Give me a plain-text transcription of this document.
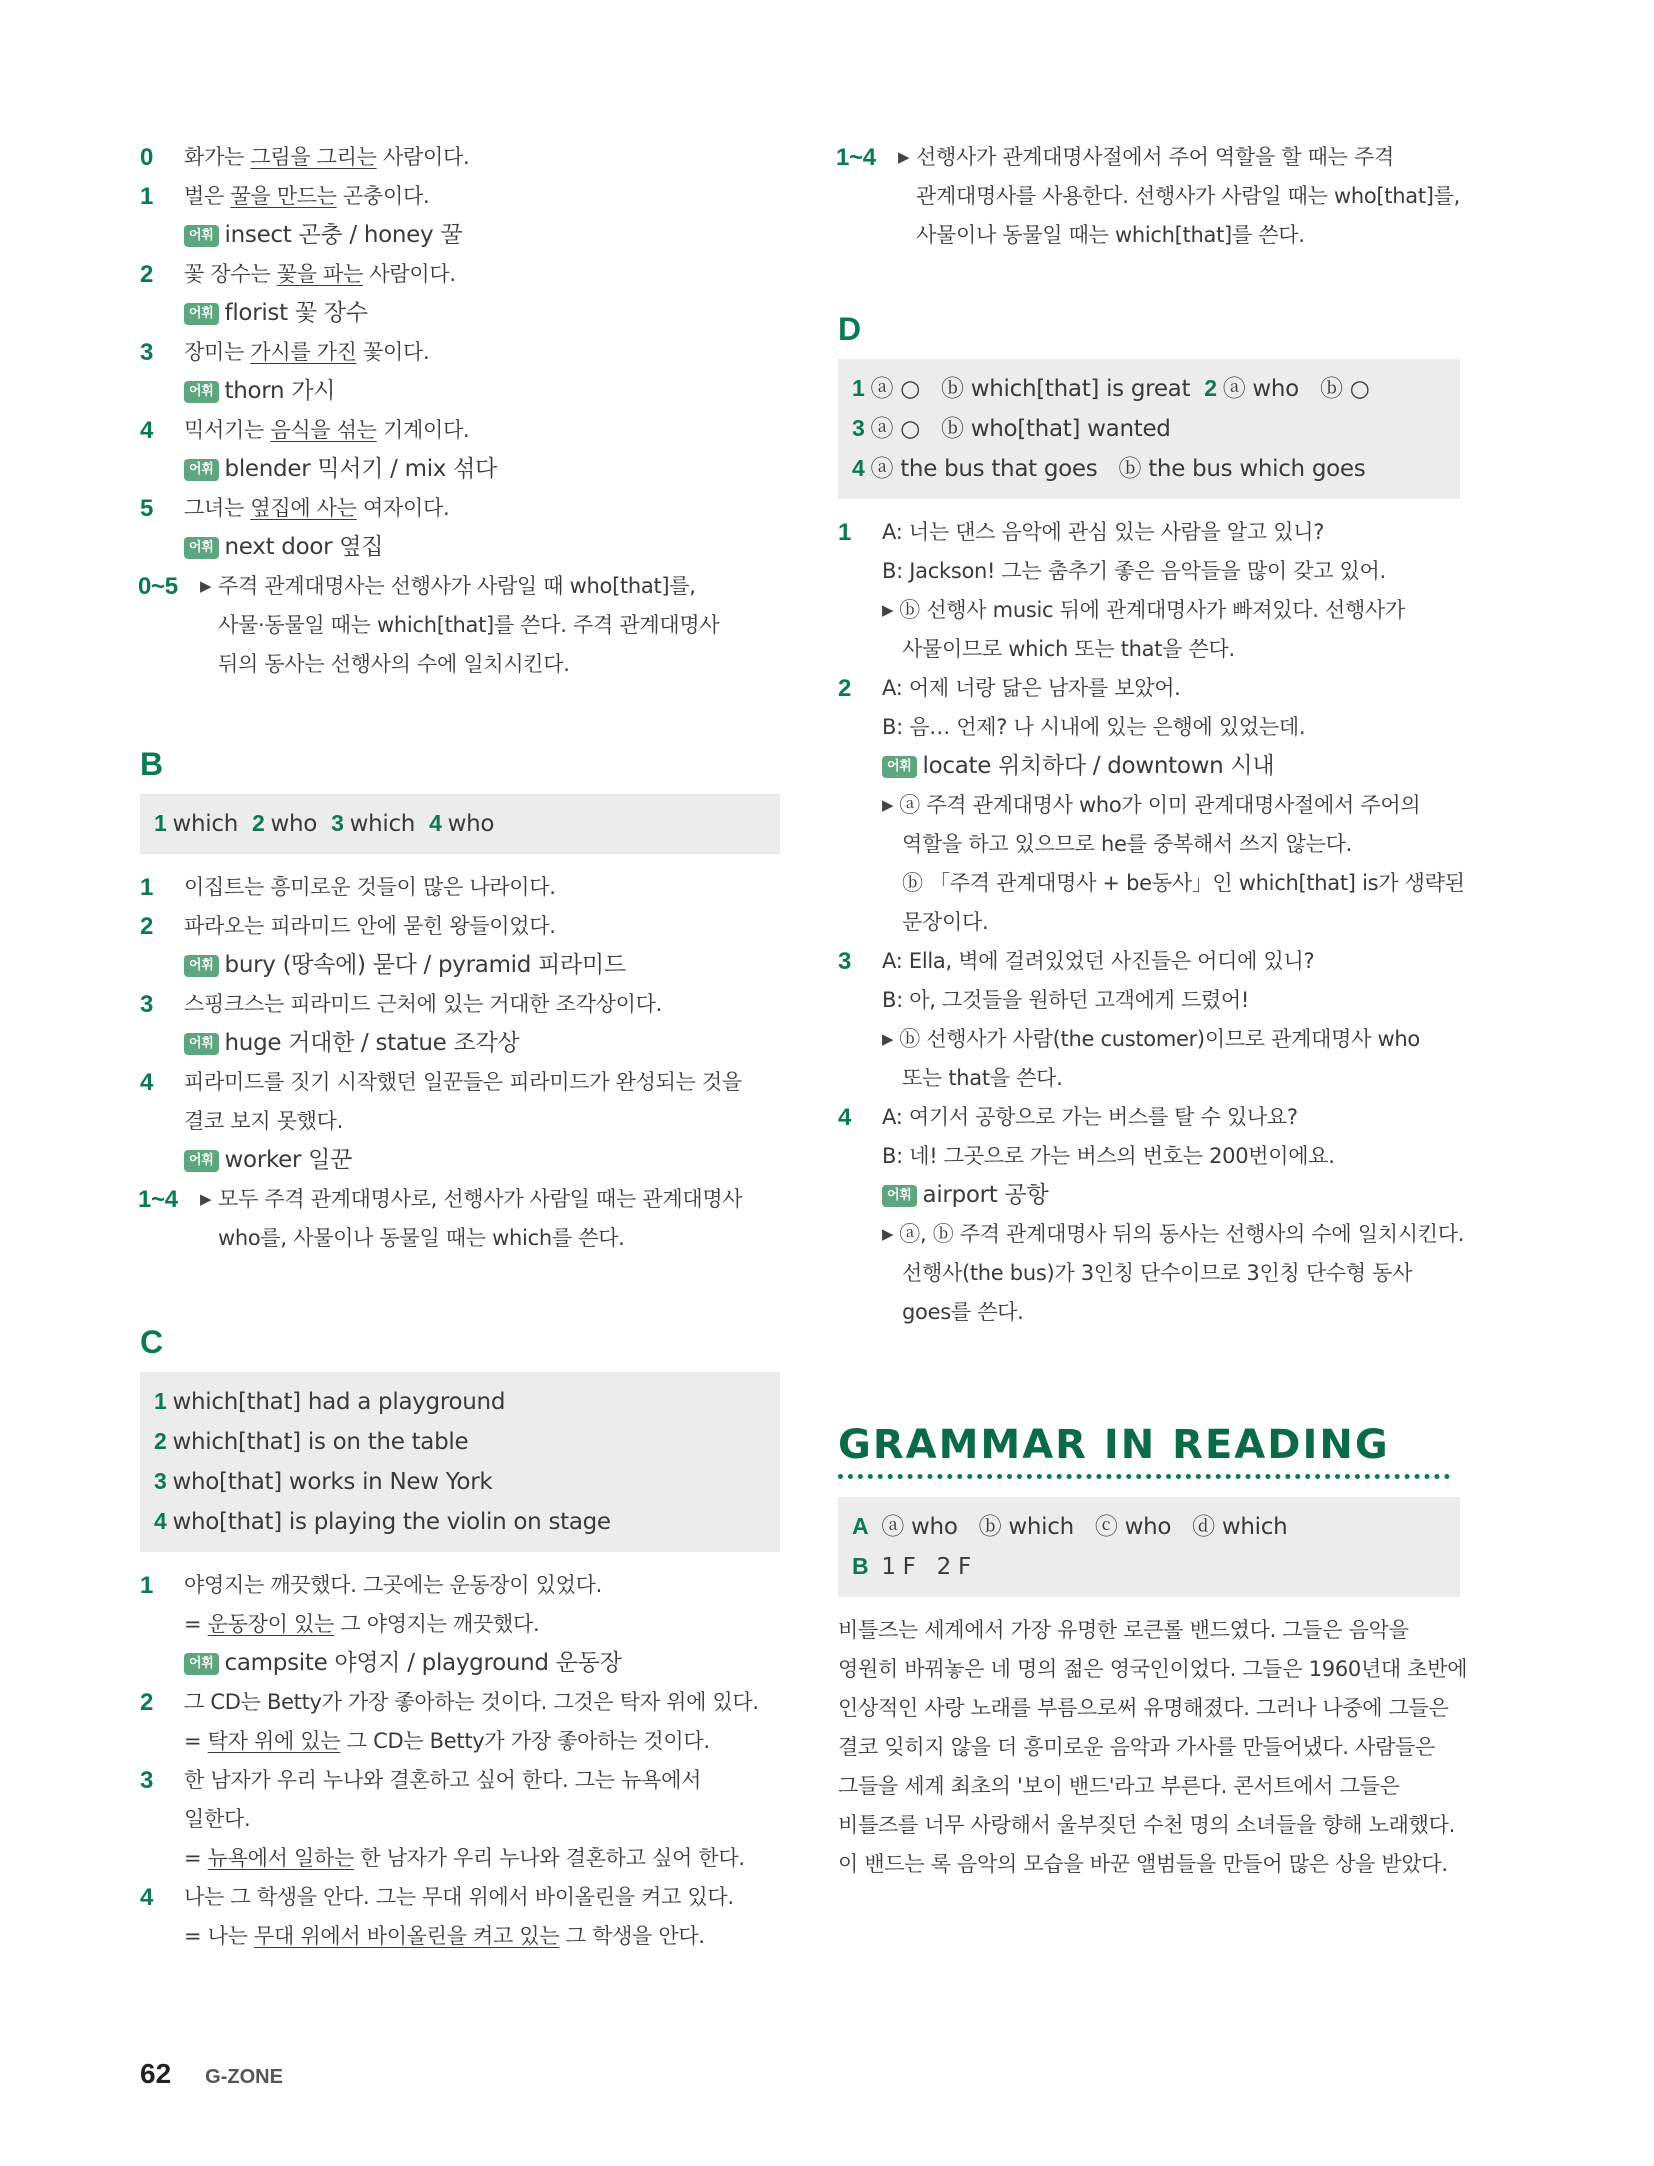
0 화가는 그림을 그리는 사람이다.
1 벌은 꿀을 만드는 곤충이다.
어휘 insect 곤충 / honey 꿀
2 꽃 장수는 꽃을 파는 사람이다.
어휘 florist 꽃 장수
3 장미는 가시를 가진 꽃이다.
어휘 thorn 가시
4 믹서기는 음식을 섞는 기계이다.
어휘 blender 믹서기 / mix 섞다
5 그녀는 옆집에 사는 여자이다.
어휘 next door 옆집
0~5 ▶ 주격 관계대명사는 선행사가 사람일 때 who[that]를,
사물·동물일 때는 which[that]를 쓴다. 주격 관계대명사
뒤의 동사는 선행사의 수에 일치시킨다.
B
1 which 2 who 3 which 4 who
1 이집트는 흥미로운 것들이 많은 나라이다.
2 파라오는 피라미드 안에 묻힌 왕들이었다.
어휘 bury (땅속에) 묻다 / pyramid 피라미드
3 스핑크스는 피라미드 근처에 있는 거대한 조각상이다.
어휘 huge 거대한 / statue 조각상
4 피라미드를 짓기 시작했던 일꾼들은 피라미드가 완성되는 것을
결코 보지 못했다.
어휘 worker 일꾼
1~4 ▶ 모두 주격 관계대명사로, 선행사가 사람일 때는 관계대명사
who를, 사물이나 동물일 때는 which를 쓴다.
C
1 which[that] had a playground
2 which[that] is on the table
3 who[that] works in New York
4 who[that] is playing the violin on stage
1 야영지는 깨끗했다. 그곳에는 운동장이 있었다.
= 운동장이 있는 그 야영지는 깨끗했다.
어휘 campsite 야영지 / playground 운동장
2 그 CD는 Betty가 가장 좋아하는 것이다. 그것은 탁자 위에 있다.
= 탁자 위에 있는 그 CD는 Betty가 가장 좋아하는 것이다.
3 한 남자가 우리 누나와 결혼하고 싶어 한다. 그는 뉴욕에서
일한다.
= 뉴욕에서 일하는 한 남자가 우리 누나와 결혼하고 싶어 한다.
4 나는 그 학생을 안다. 그는 무대 위에서 바이올린을 켜고 있다.
= 나는 무대 위에서 바이올린을 켜고 있는 그 학생을 안다.
1~4 ▶ 선행사가 관계대명사절에서 주어 역할을 할 때는 주격
관계대명사를 사용한다. 선행사가 사람일 때는 who[that]를,
사물이나 동물일 때는 which[that]를 쓴다.
D
1 ⓐ ○   ⓑ which[that] is great 2 ⓐ who   ⓑ ○
3 ⓐ ○   ⓑ who[that] wanted
4 ⓐ the bus that goes   ⓑ the bus which goes
1 A: 너는 댄스 음악에 관심 있는 사람을 알고 있니?
B: Jackson! 그는 춤추기 좋은 음악들을 많이 갖고 있어.
▶ ⓑ 선행사 music 뒤에 관계대명사가 빠져있다. 선행사가
사물이므로 which 또는 that을 쓴다.
2 A: 어제 너랑 닮은 남자를 보았어.
B: 음… 언제? 나 시내에 있는 은행에 있었는데.
어휘 locate 위치하다 / downtown 시내
▶ ⓐ 주격 관계대명사 who가 이미 관계대명사절에서 주어의
역할을 하고 있으므로 he를 중복해서 쓰지 않는다.
ⓑ 「주격 관계대명사 + be동사」인 which[that] is가 생략된
문장이다.
3 A: Ella, 벽에 걸려있었던 사진들은 어디에 있니?
B: 아, 그것들을 원하던 고객에게 드렸어!
▶ ⓑ 선행사가 사람(the customer)이므로 관계대명사 who
또는 that을 쓴다.
4 A: 여기서 공항으로 가는 버스를 탈 수 있나요?
B: 네! 그곳으로 가는 버스의 번호는 200번이에요.
어휘 airport 공항
▶ ⓐ, ⓑ 주격 관계대명사 뒤의 동사는 선행사의 수에 일치시킨다.
선행사(the bus)가 3인칭 단수이므로 3인칭 단수형 동사
goes를 쓴다.
GRAMMAR IN READING
A ⓐ who   ⓑ which   ⓒ who   ⓓ which
B 1 F   2 F
비틀즈는 세계에서 가장 유명한 로큰롤 밴드였다. 그들은 음악을
영원히 바꿔놓은 네 명의 젊은 영국인이었다. 그들은 1960년대 초반에
인상적인 사랑 노래를 부름으로써 유명해졌다. 그러나 나중에 그들은
결코 잊히지 않을 더 흥미로운 음악과 가사를 만들어냈다. 사람들은
그들을 세계 최초의 '보이 밴드'라고 부른다. 콘서트에서 그들은
비틀즈를 너무 사랑해서 울부짖던 수천 명의 소녀들을 향해 노래했다.
이 밴드는 록 음악의 모습을 바꾼 앨범들을 만들어 많은 상을 받았다.
62 G-ZONE
